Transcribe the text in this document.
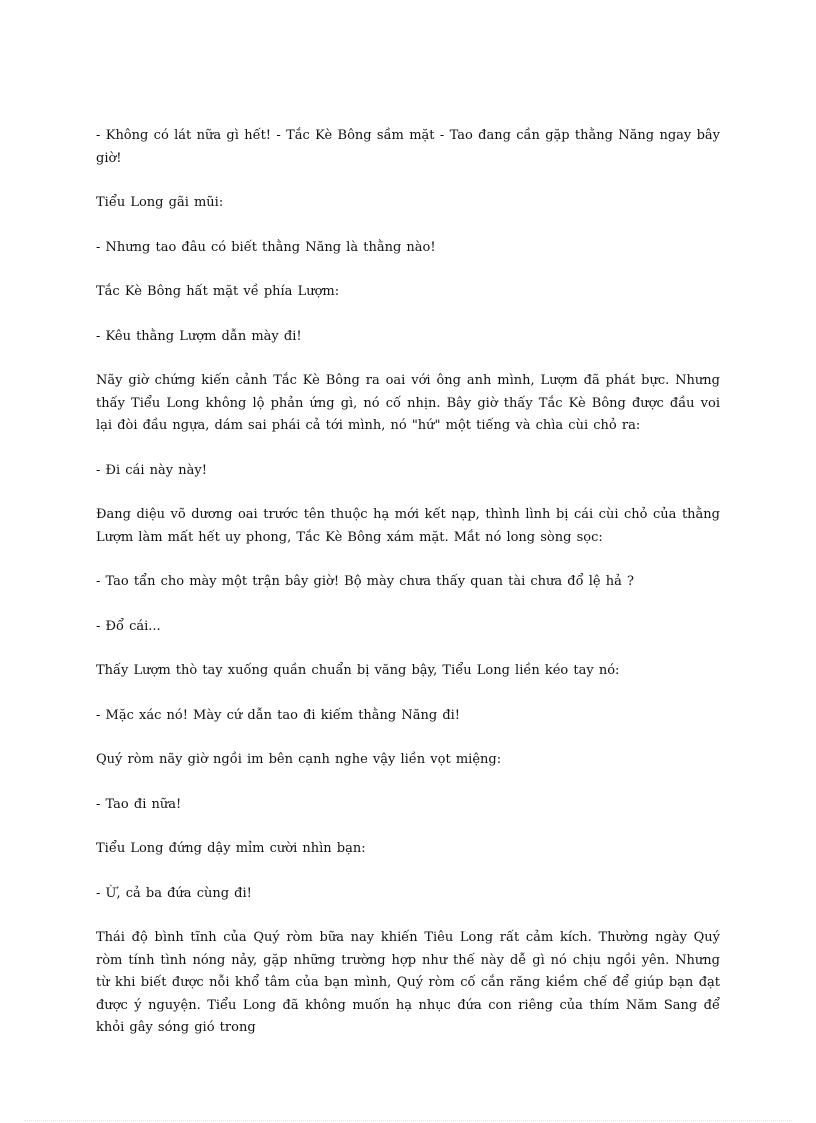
- Không có lát nữa gì hết! - Tắc Kè Bông sầm mặt - Tao đang cần gặp thằng Năng ngay bây giờ!

Tiểu Long gãi mũi:

- Nhưng tao đâu có biết thằng Năng là thằng nào!

Tắc Kè Bông hất mặt về phía Lượm:

- Kêu thằng Lượm dẫn mày đi!

Nãy giờ chứng kiến cảnh Tắc Kè Bông ra oai với ông anh mình, Lượm đã phát bực. Nhưng thấy Tiểu Long không lộ phản ứng gì, nó cố nhịn. Bây giờ thấy Tắc Kè Bông được đầu voi lại đòi đầu ngựa, dám sai phái cả tới mình, nó "hứ" một tiếng và chìa cùi chỏ ra:

- Đi cái này này!

Đang diệu võ dương oai trước tên thuộc hạ mới kết nạp, thình lình bị cái cùi chỏ của thằng Lượm làm mất hết uy phong, Tắc Kè Bông xám mặt. Mắt nó long sòng sọc:

- Tao tẩn cho mày một trận bây giờ! Bộ mày chưa thấy quan tài chưa đổ lệ hả ?

- Đổ cái...

Thấy Lượm thò tay xuống quần chuẩn bị văng bậy, Tiểu Long liền kéo tay nó:

- Mặc xác nó! Mày cứ dẫn tao đi kiếm thằng Năng đi!

Quý ròm nãy giờ ngồi im bên cạnh nghe vậy liền vọt miệng:

- Tao đi nữa!

Tiểu Long đứng dậy mỉm cười nhìn bạn:

- Ừ, cả ba đứa cùng đi!

Thái độ bình tĩnh của Quý ròm bữa nay khiến Tiêu Long rất cảm kích. Thường ngày Quý ròm tính tình nóng nảy, gặp những trường hợp như thế này dễ gì nó chịu ngồi yên. Nhưng từ khi biết được nỗi khổ tâm của bạn mình, Quý ròm cố cắn răng kiềm chế để giúp bạn đạt được ý nguyện. Tiểu Long đã không muốn hạ nhục đứa con riêng của thím Năm Sang để khỏi gây sóng gió trong
